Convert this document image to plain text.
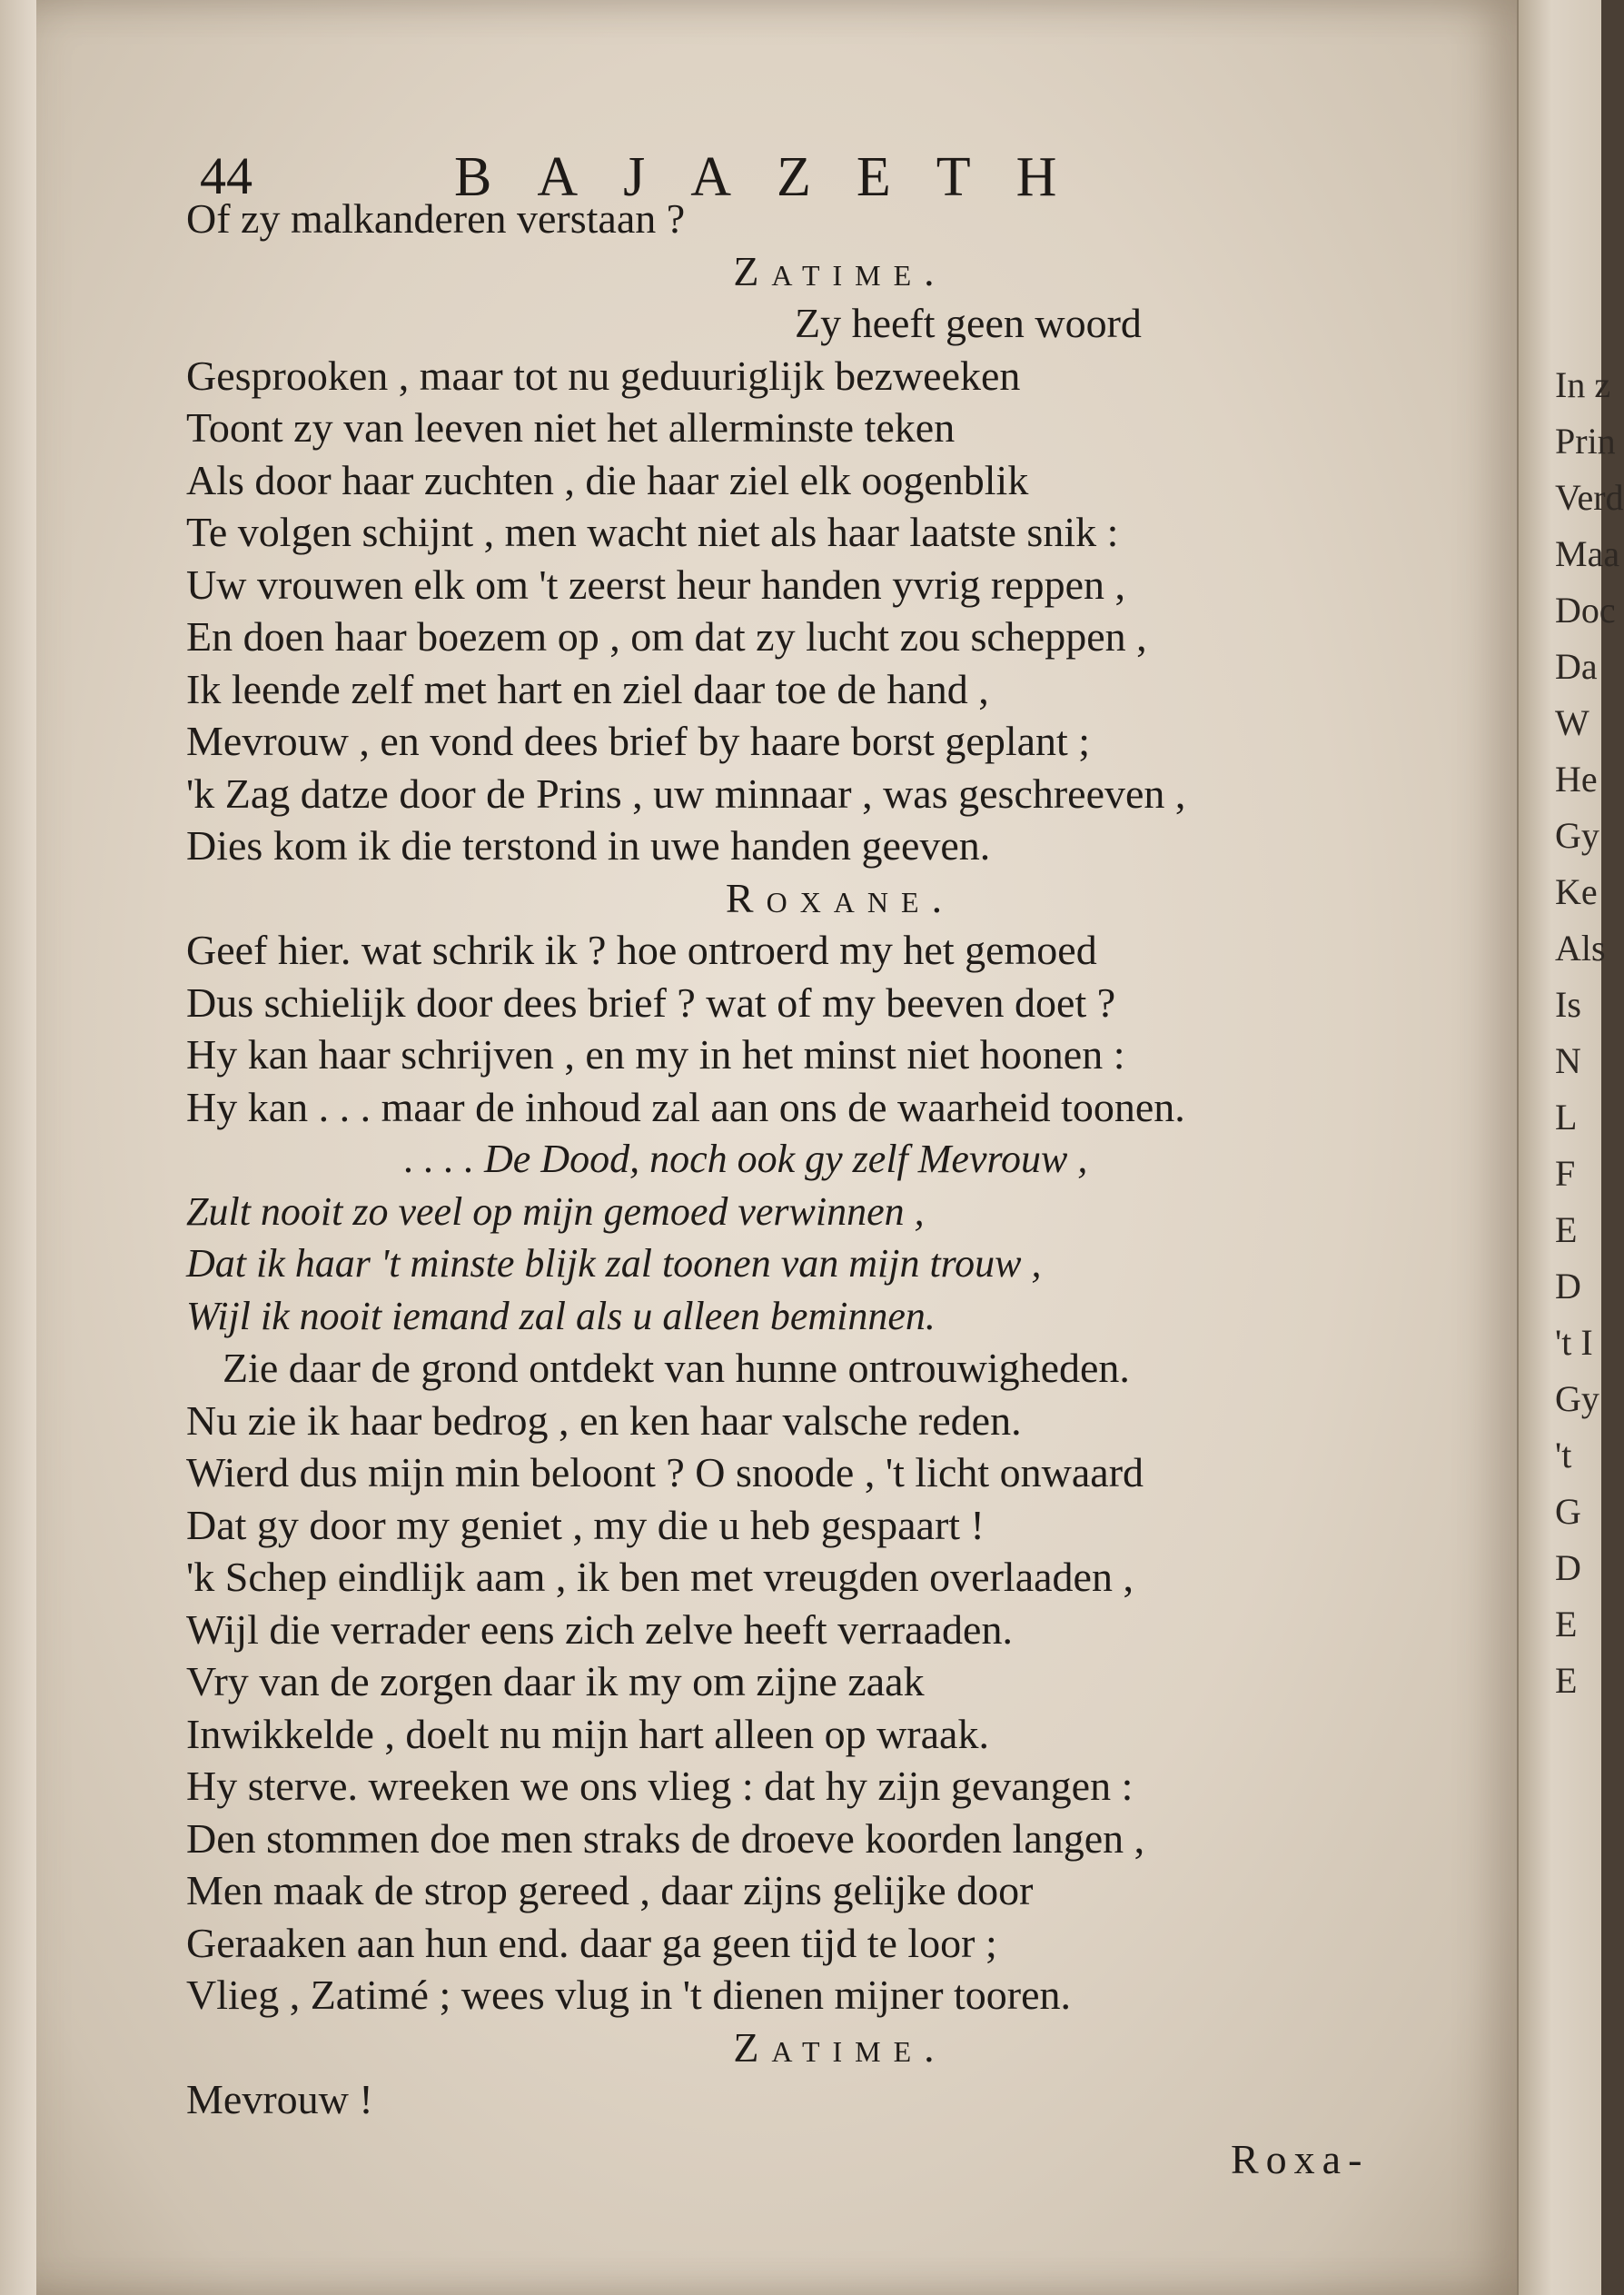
44	BAJAZETH
Of zy malkanderen verstaan ?
Zatime.
Zy heeft geen woord
Gesprooken , maar tot nu geduuriglijk bezweeken
Toont zy van leeven niet het allerminste teken
Als door haar zuchten , die haar ziel elk oogenblik
Te volgen schijnt , men wacht niet als haar laatste snik :
Uw vrouwen elk om 't zeerst heur handen yvrig reppen ,
En doen haar boezem op , om dat zy lucht zou scheppen ,
Ik leende zelf met hart en ziel daar toe de hand ,
Mevrouw , en vond dees brief by haare borst geplant ;
'k Zag datze door de Prins , uw minnaar , was geschreeven ,
Dies kom ik die terstond in uwe handen geeven.
Roxane.
Geef hier. wat schrik ik ? hoe ontroerd my het gemoed
Dus schielijk door dees brief ? wat of my beeven doet ?
Hy kan haar schrijven , en my in het minst niet hoonen :
Hy kan . . . maar de inhoud zal aan ons de waarheid toonen.
. . . . De Dood, noch ook gy zelf Mevrouw ,
Zult nooit zo veel op mijn gemoed verwinnen ,
Dat ik haar 't minste blijk zal toonen van mijn trouw ,
Wijl ik nooit iemand zal als u alleen beminnen.
Zie daar de grond ontdekt van hunne ontrouwigheden.
Nu zie ik haar bedrog , en ken haar valsche reden.
Wierd dus mijn min beloont ? O snoode , 't licht onwaard
Dat gy door my geniet , my die u heb gespaart !
'k Schep eindlijk aam , ik ben met vreugden overlaaden ,
Wijl die verrader eens zich zelve heeft verraaden.
Vry van de zorgen daar ik my om zijne zaak
Inwikkelde , doelt nu mijn hart alleen op wraak.
Hy sterve. wreeken we ons vlieg : dat hy zijn gevangen :
Den stommen doe men straks de droeve koorden langen ,
Men maak de strop gereed , daar zijns gelijke door
Geraaken aan hun end. daar ga geen tijd te loor ;
Vlieg , Zatimé ; wees vlug in 't dienen mijner tooren.
Zatime.
Mevrouw !
Roxa-
In z
Prin
Verd
Maa
Doc
Da
W
He
Gy
Ke
Als
Is
N
L
F
E
D
't I
Gy
't
G
D
E
E
